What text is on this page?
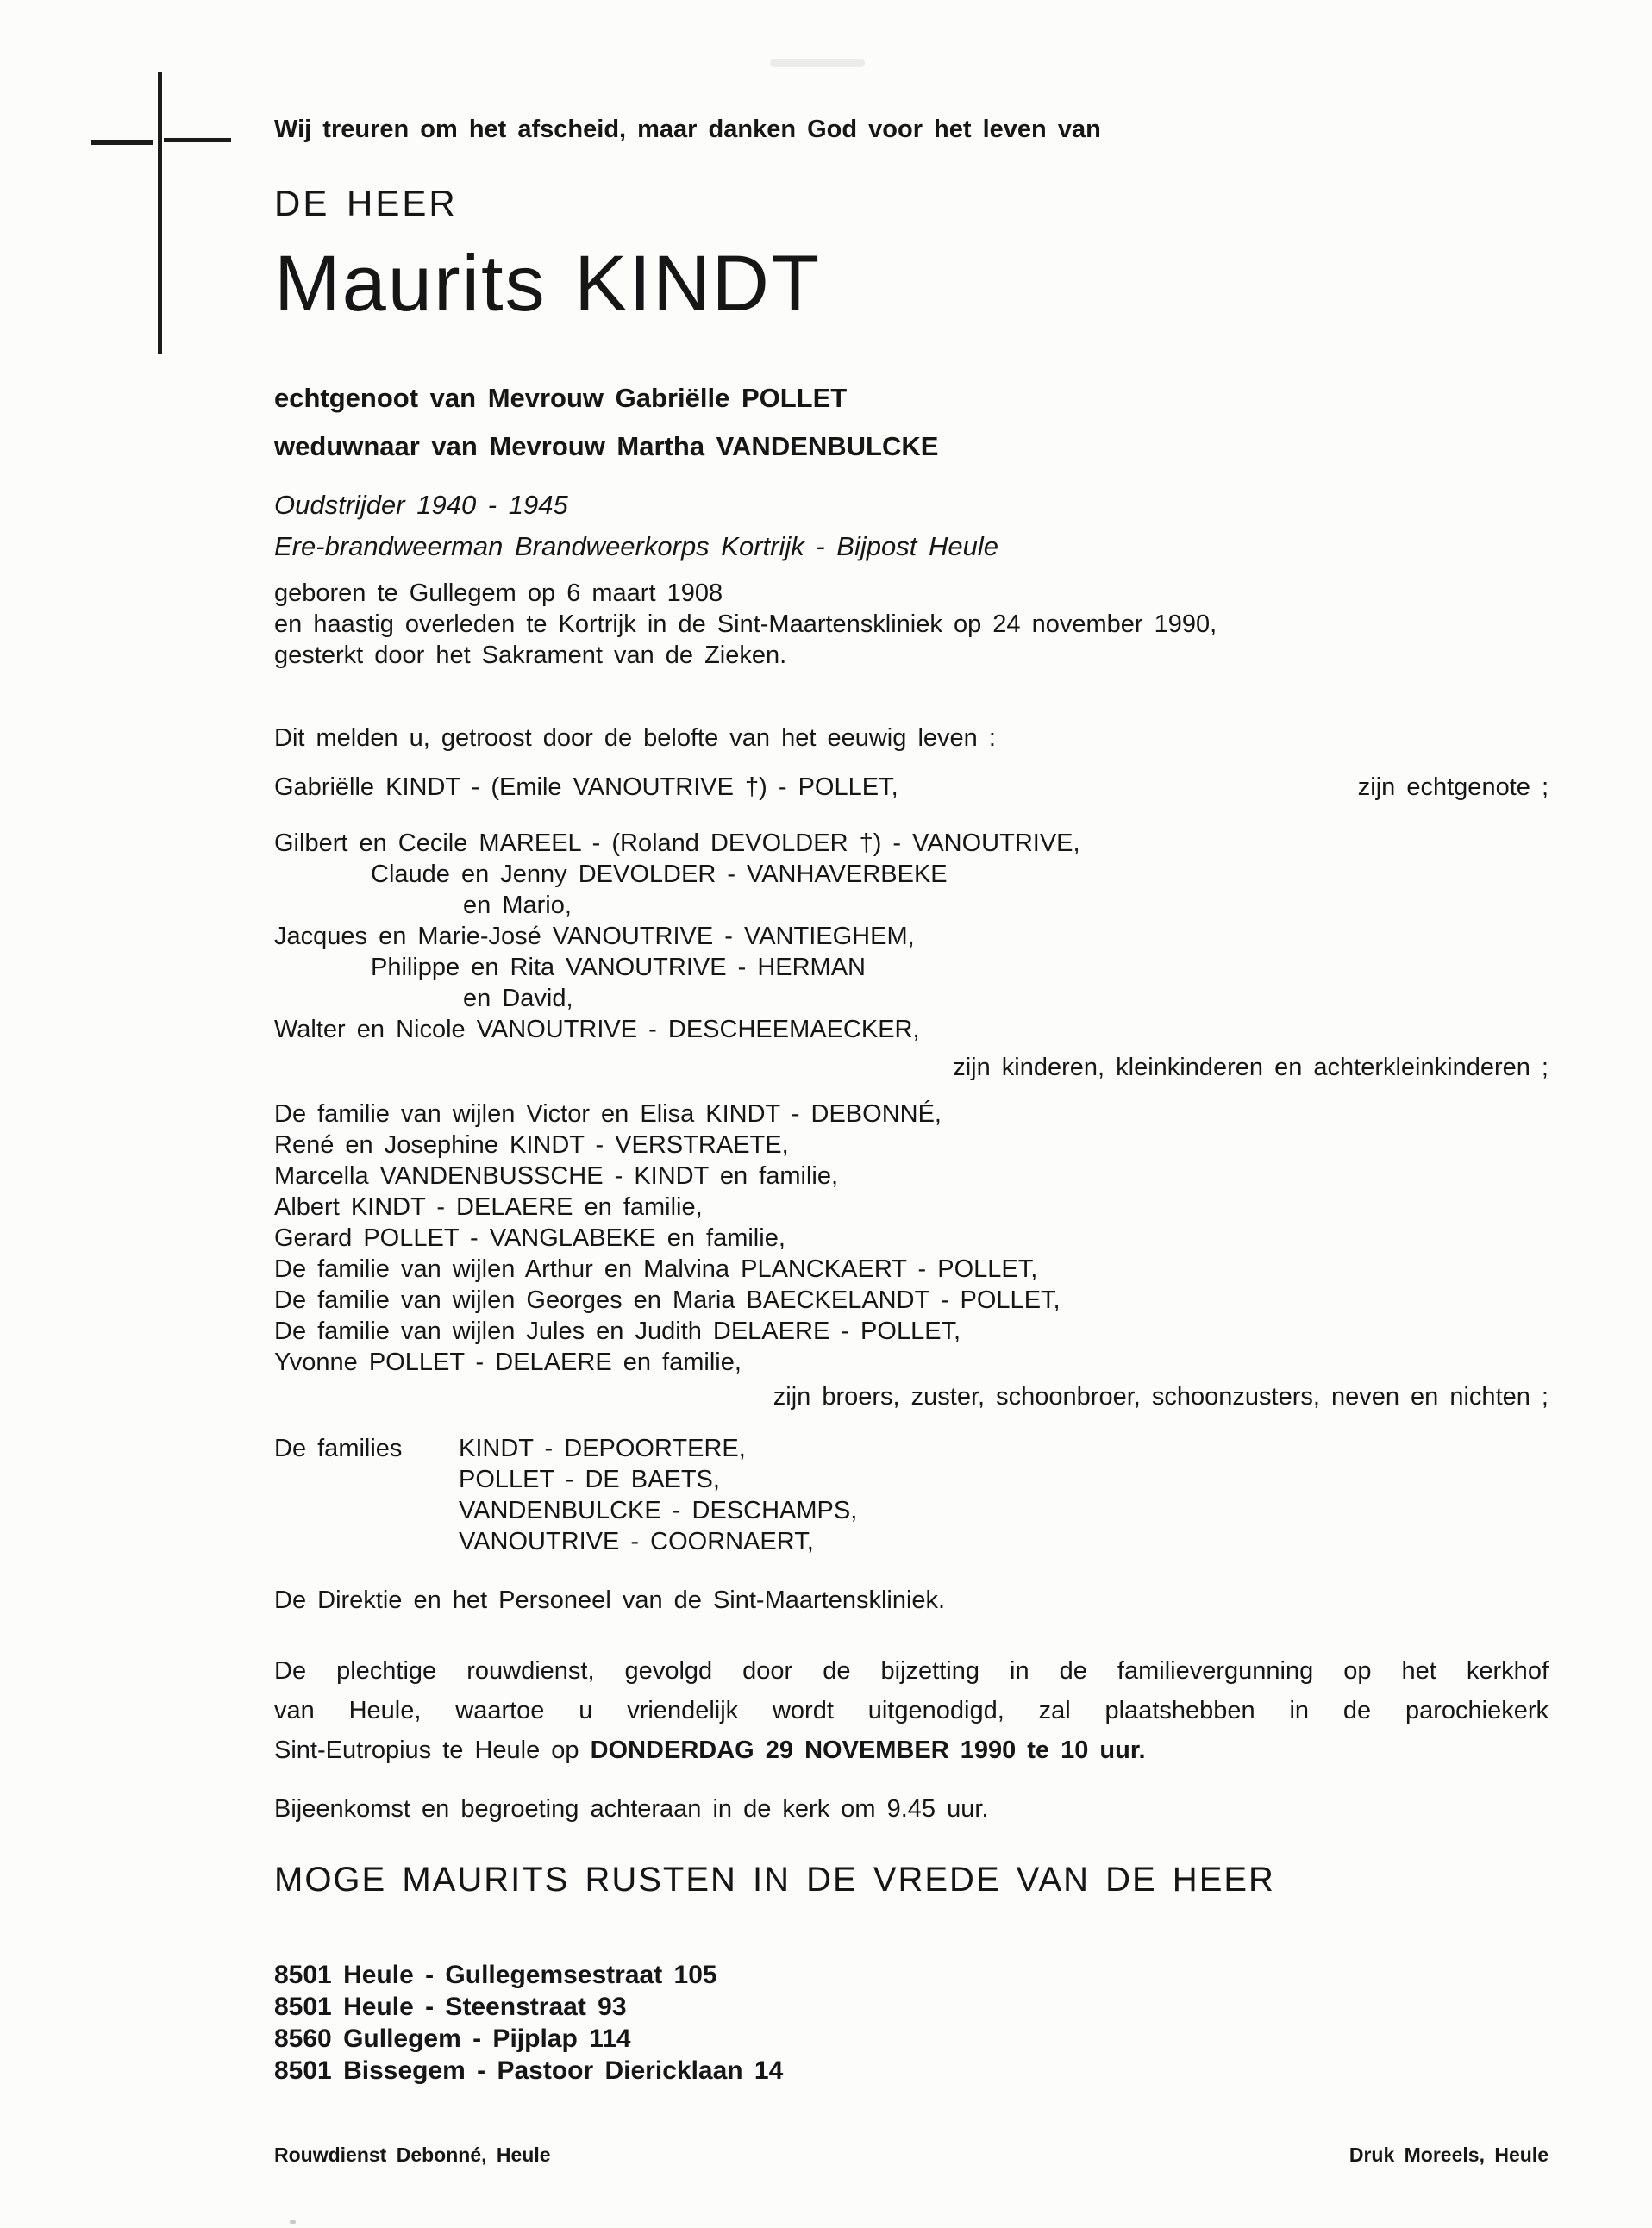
Wij treuren om het afscheid, maar danken God voor het leven van
DE HEER
Maurits KINDT
echtgenoot van Mevrouw Gabriëlle POLLET
weduwnaar van Mevrouw Martha VANDENBULCKE
Oudstrijder 1940 - 1945
Ere-brandweerman Brandweerkorps Kortrijk - Bijpost Heule
geboren te Gullegem op 6 maart 1908
en haastig overleden te Kortrijk in de Sint-Maartenskliniek op 24 november 1990,
gesterkt door het Sakrament van de Zieken.
Dit melden u, getroost door de belofte van het eeuwig leven :
Gabriëlle KINDT - (Emile VANOUTRIVE †) - POLLET,	zijn echtgenote ;
Gilbert en Cecile MAREEL - (Roland DEVOLDER †) - VANOUTRIVE,
Claude en Jenny DEVOLDER - VANHAVERBEKE
en Mario,
Jacques en Marie-José VANOUTRIVE - VANTIEGHEM,
Philippe en Rita VANOUTRIVE - HERMAN
en David,
Walter en Nicole VANOUTRIVE - DESCHEEMAECKER,
zijn kinderen, kleinkinderen en achterkleinkinderen ;
De familie van wijlen Victor en Elisa KINDT - DEBONNÉ,
René en Josephine KINDT - VERSTRAETE,
Marcella VANDENBUSSCHE - KINDT en familie,
Albert KINDT - DELAERE en familie,
Gerard POLLET - VANGLABEKE en familie,
De familie van wijlen Arthur en Malvina PLANCKAERT - POLLET,
De familie van wijlen Georges en Maria BAECKELANDT - POLLET,
De familie van wijlen Jules en Judith DELAERE - POLLET,
Yvonne POLLET - DELAERE en familie,
zijn broers, zuster, schoonbroer, schoonzusters, neven en nichten ;
De families KINDT - DEPOORTERE,
POLLET - DE BAETS,
VANDENBULCKE - DESCHAMPS,
VANOUTRIVE - COORNAERT,
De Direktie en het Personeel van de Sint-Maartenskliniek.
De plechtige rouwdienst, gevolgd door de bijzetting in de familievergunning op het kerkhof
van Heule, waartoe u vriendelijk wordt uitgenodigd, zal plaatshebben in de parochiekerk
Sint-Eutropius te Heule op DONDERDAG 29 NOVEMBER 1990 te 10 uur.
Bijeenkomst en begroeting achteraan in de kerk om 9.45 uur.
MOGE MAURITS RUSTEN IN DE VREDE VAN DE HEER
8501 Heule - Gullegemsestraat 105
8501 Heule - Steenstraat 93
8560 Gullegem - Pijplap 114
8501 Bissegem - Pastoor Diericklaan 14
Rouwdienst Debonné, Heule	Druk Moreels, Heule
